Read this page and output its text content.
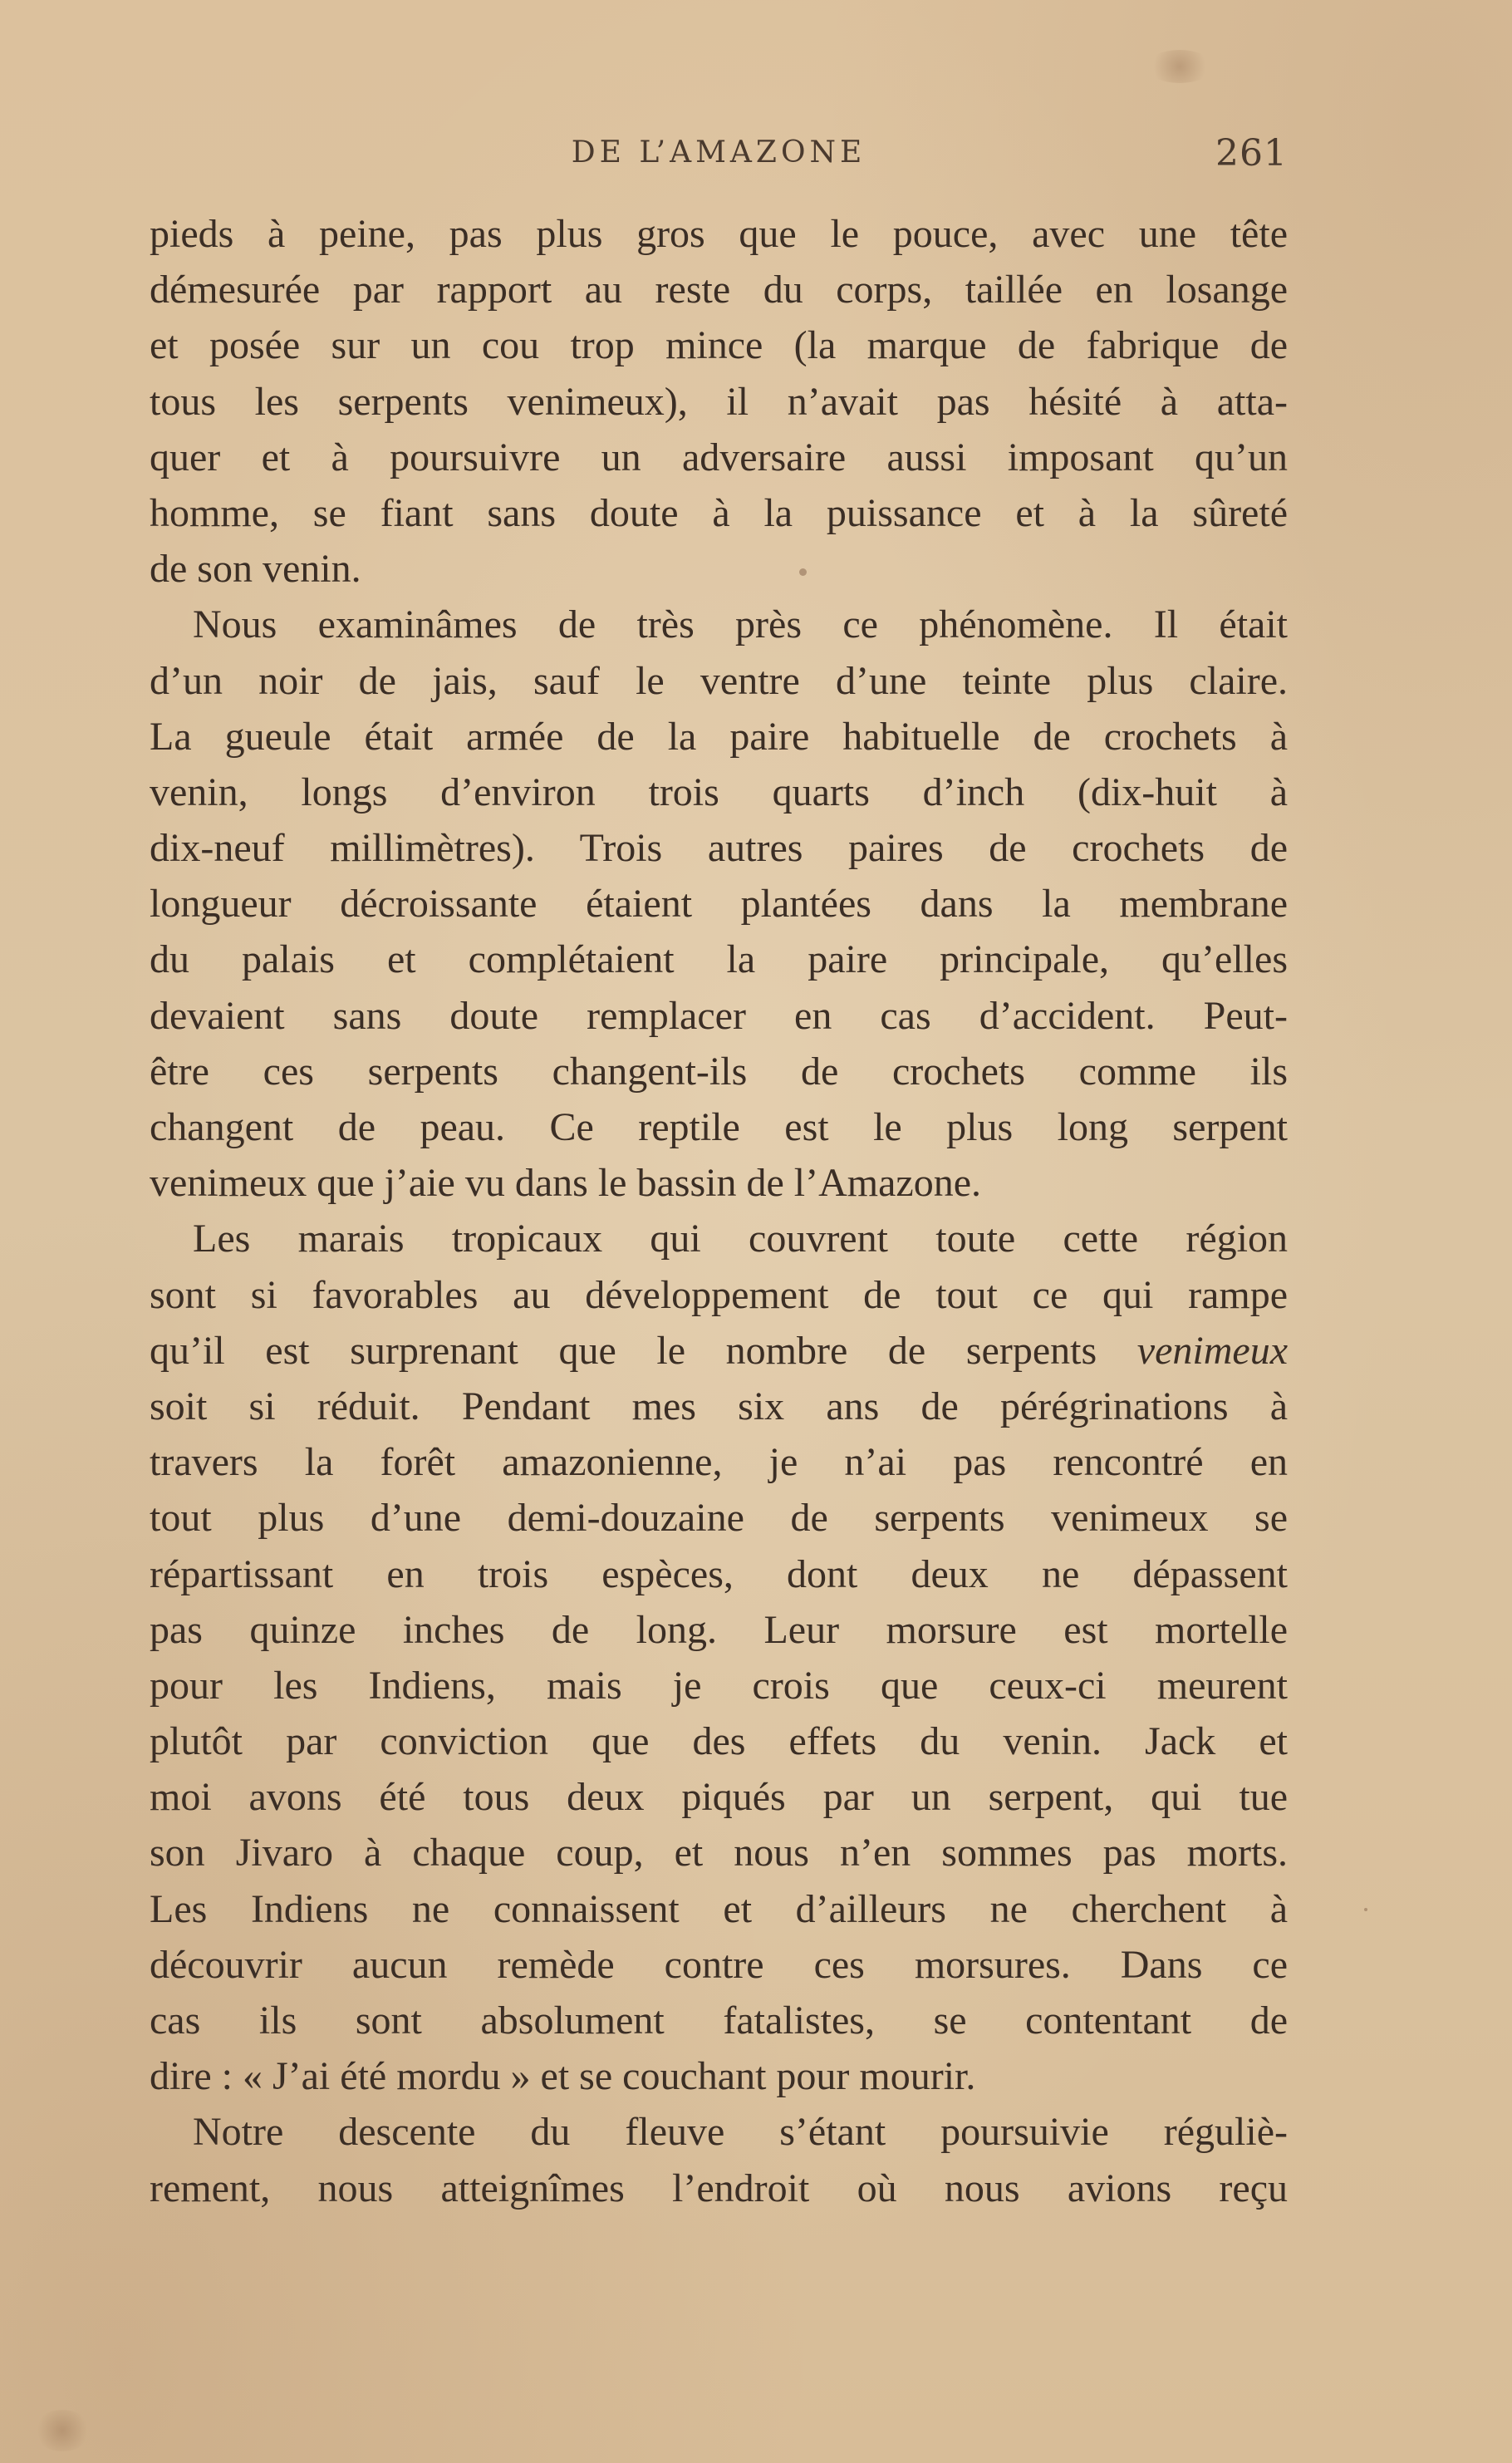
DE L’AMAZONE	261
pieds à peine, pas plus gros que le pouce, avec une tête
démesurée par rapport au reste du corps, taillée en losange
et posée sur un cou trop mince (la marque de fabrique de
tous les serpents venimeux), il n’avait pas hésité à atta-
quer et à poursuivre un adversaire aussi imposant qu’un
homme, se fiant sans doute à la puissance et à la sûreté
de son venin.
Nous examinâmes de très près ce phénomène. Il était
d’un noir de jais, sauf le ventre d’une teinte plus claire.
La gueule était armée de la paire habituelle de crochets à
venin, longs d’environ trois quarts d’inch (dix-huit à
dix-neuf millimètres). Trois autres paires de crochets de
longueur décroissante étaient plantées dans la membrane
du palais et complétaient la paire principale, qu’elles
devaient sans doute remplacer en cas d’accident. Peut-
être ces serpents changent-ils de crochets comme ils
changent de peau. Ce reptile est le plus long serpent
venimeux que j’aie vu dans le bassin de l’Amazone.
Les marais tropicaux qui couvrent toute cette région
sont si favorables au développement de tout ce qui rampe
qu’il est surprenant que le nombre de serpents venimeux
soit si réduit. Pendant mes six ans de pérégrinations à
travers la forêt amazonienne, je n’ai pas rencontré en
tout plus d’une demi-douzaine de serpents venimeux se
répartissant en trois espèces, dont deux ne dépassent
pas quinze inches de long. Leur morsure est mortelle
pour les Indiens, mais je crois que ceux-ci meurent
plutôt par conviction que des effets du venin. Jack et
moi avons été tous deux piqués par un serpent, qui tue
son Jivaro à chaque coup, et nous n’en sommes pas morts.
Les Indiens ne connaissent et d’ailleurs ne cherchent à
découvrir aucun remède contre ces morsures. Dans ce
cas ils sont absolument fatalistes, se contentant de
dire : « J’ai été mordu » et se couchant pour mourir.
Notre descente du fleuve s’étant poursuivie réguliè-
rement, nous atteignîmes l’endroit où nous avions reçu
